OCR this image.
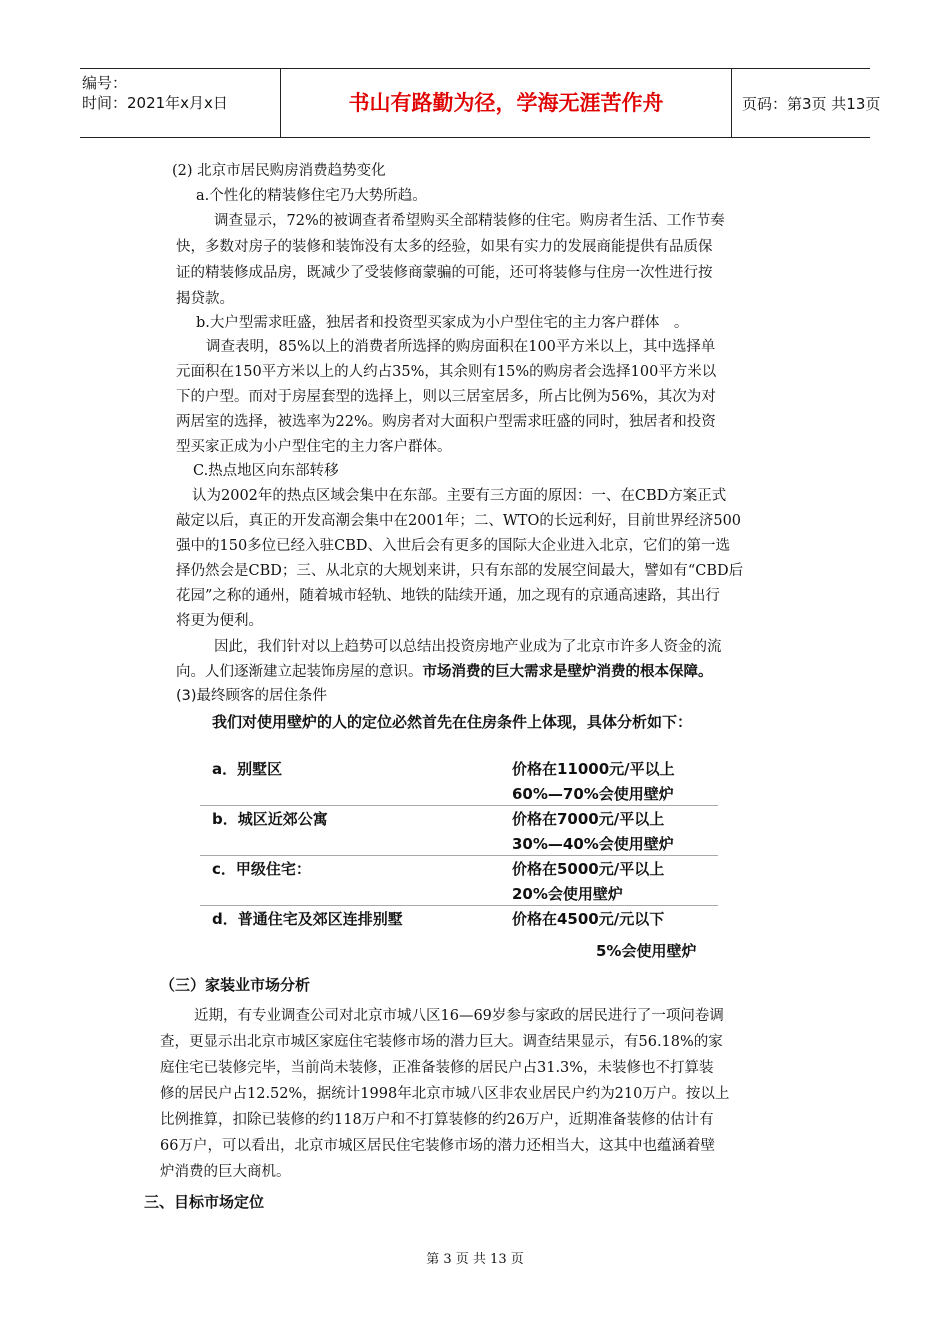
编号：
时间：2021年x月x日	书山有路勤为径，学海无涯苦作舟	页码：第3页 共13页
(2) 北京市居民购房消费趋势变化
a.个性化的精装修住宅乃大势所趋。
调查显示，72%的被调查者希望购买全部精装修的住宅。购房者生活、工作节奏
快，多数对房子的装修和装饰没有太多的经验，如果有实力的发展商能提供有品质保
证的精装修成品房，既减少了受装修商蒙骗的可能，还可将装修与住房一次性进行按
揭贷款。
b.大户型需求旺盛，独居者和投资型买家成为小户型住宅的主力客户群体　。
调查表明，85%以上的消费者所选择的购房面积在100平方米以上，其中选择单
元面积在150平方米以上的人约占35%，其余则有15%的购房者会选择100平方米以
下的户型。而对于房屋套型的选择上，则以三居室居多，所占比例为56%，其次为对
两居室的选择，被选率为22%。购房者对大面积户型需求旺盛的同时，独居者和投资
型买家正成为小户型住宅的主力客户群体。
C.热点地区向东部转移
认为2002年的热点区域会集中在东部。主要有三方面的原因：一、在CBD方案正式
敲定以后，真正的开发高潮会集中在2001年；二、WTO的长远利好，目前世界经济500
强中的150多位已经入驻CBD、入世后会有更多的国际大企业进入北京，它们的第一选
择仍然会是CBD；三、从北京的大规划来讲，只有东部的发展空间最大，譬如有“CBD后
花园”之称的通州，随着城市轻轨、地铁的陆续开通，加之现有的京通高速路，其出行
将更为便利。
因此，我们针对以上趋势可以总结出投资房地产业成为了北京市许多人资金的流
向。人们逐渐建立起装饰房屋的意识。市场消费的巨大需求是壁炉消费的根本保障。
(3)最终顾客的居住条件
我们对使用壁炉的人的定位必然首先在住房条件上体现，具体分析如下：
a．别墅区	价格在11000元/平以上
60%—70%会使用壁炉
b．城区近郊公寓	价格在7000元/平以上
30%—40%会使用壁炉
c．甲级住宅：	价格在5000元/平以上
20%会使用壁炉
d．普通住宅及郊区连排别墅	价格在4500元/元以下
5%会使用壁炉
（三）家装业市场分析
近期，有专业调查公司对北京市城八区16—69岁参与家政的居民进行了一项问卷调
查，更显示出北京市城区家庭住宅装修市场的潜力巨大。调查结果显示，有56.18%的家
庭住宅已装修完毕，当前尚未装修，正准备装修的居民户占31.3%，未装修也不打算装
修的居民户占12.52%，据统计1998年北京市城八区非农业居民户约为210万户。按以上
比例推算，扣除已装修的约118万户和不打算装修的约26万户，近期准备装修的估计有
66万户，可以看出，北京市城区居民住宅装修市场的潜力还相当大，这其中也蕴涵着壁
炉消费的巨大商机。
三、目标市场定位
第 3 页 共 13 页
